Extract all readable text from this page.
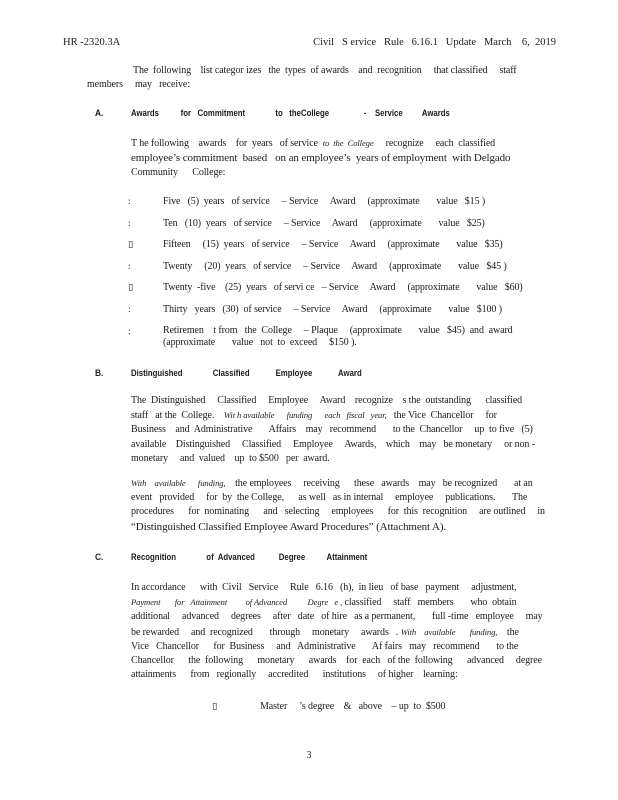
HR -2320.3A	Civil   S ervice   Rule   6.16.1   Update   March    6,  2019
The  following    list categor izes   the  types  of awards    and  recognition     that classified     staff
members     may   receive:
A.	Awards          for   Commitment              to   theCollege                -    Service         Awards
T he following    awards    for  years   of service  to  the  College     recognize     each  classified
employee’s commitment  based   on an employee’s  years of employment  with Delgado
Community      College:
:	Five   (5)  years   of service     – Service     Award     (approximate       value   $15 )
:	Ten   (10)  years   of service     – Service     Award     (approximate       value   $25)
▯	Fifteen     (15)  years   of service     – Service     Award     (approximate       value   $35)
:	Twenty     (20)  years   of service     – Service     Award     (approximate       value   $45 )
▯	Twenty  -five    (25)  years   of servi ce   – Service     Award     (approximate       value   $60)
:	Thirty   years   (30)  of service     – Service     Award     (approximate       value   $100 )
:	Retiremen    t from   the  College     – Plaque     (approximate       value   $45)  and  award
(approximate       value   not  to  exceed     $150 ).
B.	Distinguished              Classified            Employee            Award
The  Distinguished     Classified     Employee     Award    recognize    s the  outstanding      classified
staff   at the  College.    Wit h available      funding      each   fiscal   year,   the Vice  Chancellor     for
Business    and  Administrative       Affairs    may   recommend       to the  Chancellor     up  to five   (5)
available    Distinguished     Classified     Employee     Awards,    which    may   be monetary     or non -
monetary     and  valued    up  to $500   per  award.
With    available      funding,    the employees     receiving      these   awards    may   be recognized       at an
event   provided     for  by  the College,      as well   as in internal     employee     publications.       The
procedures      for  nominating      and   selecting     employees      for  this  recognition     are outlined     in
“Distinguished Classified Employee Award Procedures” (Attachment A).
C.	Recognition              of  Advanced           Degree          Attainment
In accordance      with  Civil   Service     Rule   6.16   (h),  in lieu   of base   payment     adjustment,
Payment       for   Attainment         of Advanced          Degre   e , classified     staff   members       who  obtain
additional     advanced     degrees     after   date   of hire   as a permanent,       full -time   employee     may
be rewarded     and  recognized       through     monetary     awards   . With    available       funding,    the
Vice   Chancellor      for  Business     and   Administrative       Af fairs   may   recommend       to the
Chancellor      the  following      monetary      awards    for  each   of the  following      advanced     degree
attainments      from   regionally     accredited      institutions     of higher    learning:
▯	Master     ’s degree    &   above    – up  to  $500
3
